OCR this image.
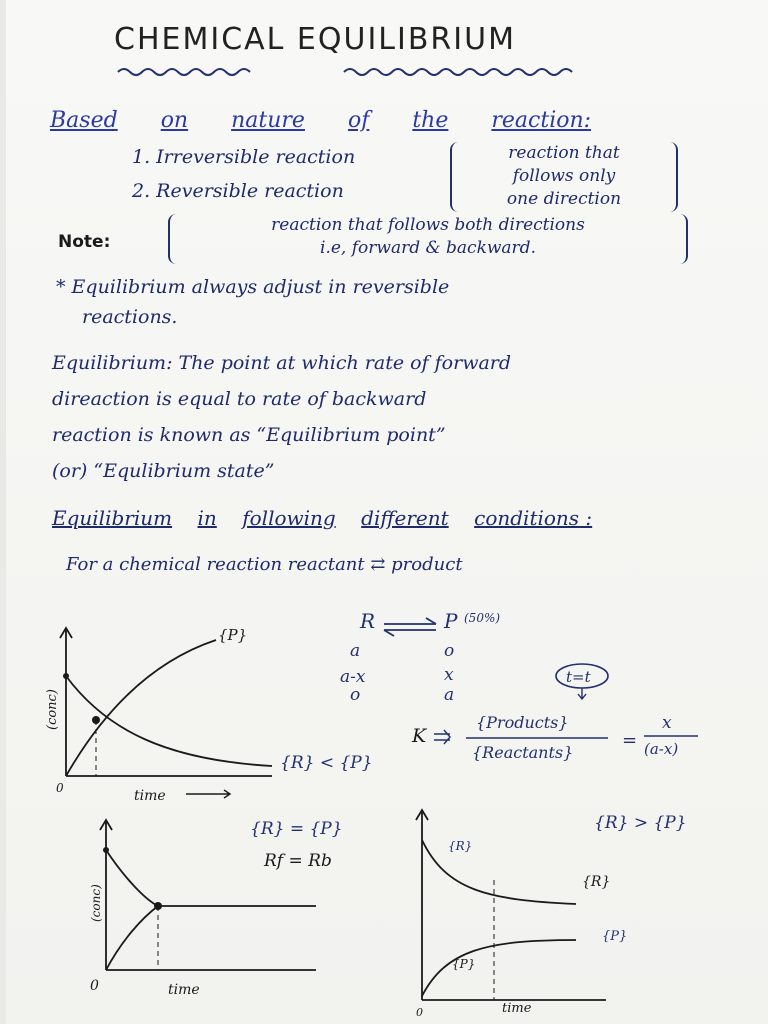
CHEMICAL EQUILIBRIUM
Based on nature of the reaction:
1. Irreversible reaction
2. Reversible reaction
reaction that
follows only
one direction
Note:
reaction that follows both directions
i.e, forward & backward.
* Equilibrium always adjust in reversible
reactions.
Equilibrium: The point at which rate of forward
direaction is equal to rate of backward
reaction is known as “Equilibrium point”
(or) “Equlibrium state”
Equilibrium in following different conditions :
For a chemical reaction reactant ⇄ product
R	P (50%)
a
a-x
o
o
x
a
t=t
K
{Products}
{Reactants}
=
x
(a-x)
{P}
(conc)
time
0
{R} < {P}
(conc)
time
0
{R} = {P}
Rf = Rb
{R} > {P}
{R}
{R}
{P}
{P}
time
0
